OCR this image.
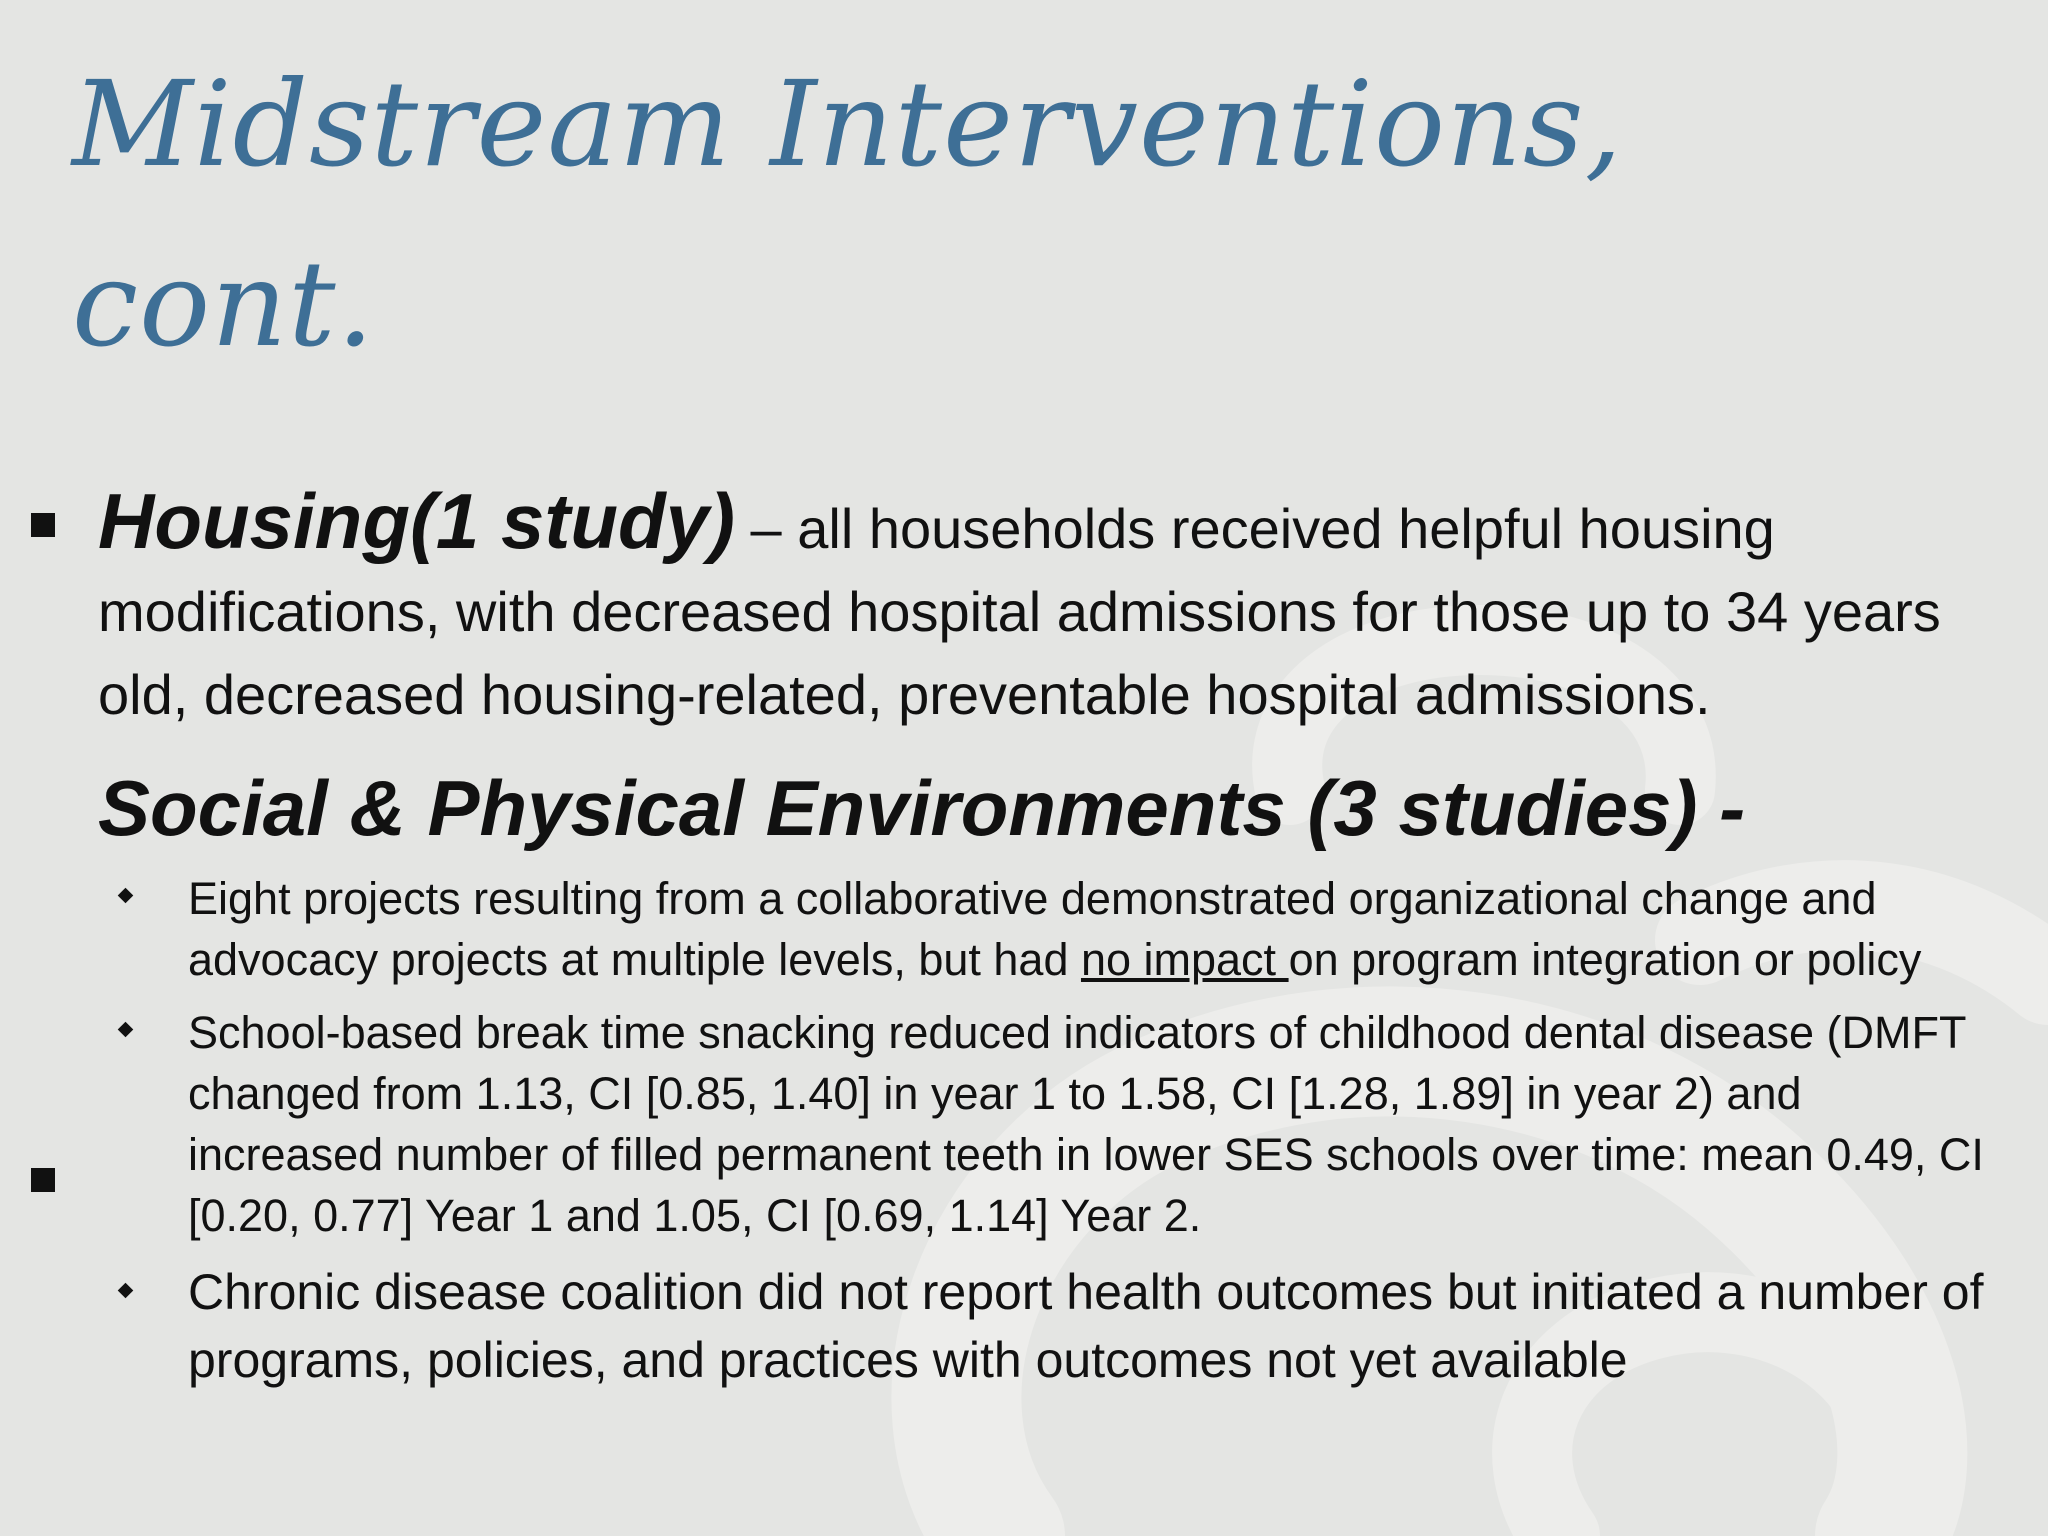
Midstream Interventions, cont.
Housing(1 study) – all households received helpful housing modifications, with decreased hospital admissions for those up to 34 years old, decreased housing-related, preventable hospital admissions.
Social & Physical Environments (3 studies) -
Eight projects resulting from a collaborative demonstrated organizational change and advocacy projects at multiple levels, but had no impact on program integration or policy
School-based break time snacking reduced indicators of childhood dental disease (DMFT changed from 1.13, CI [0.85, 1.40] in year 1 to 1.58, CI [1.28, 1.89] in year 2) and increased number of filled permanent teeth in lower SES schools over time: mean 0.49, CI [0.20, 0.77] Year 1 and 1.05, CI [0.69, 1.14] Year 2.
Chronic disease coalition did not report health outcomes but initiated a number of programs, policies, and practices with outcomes not yet available
